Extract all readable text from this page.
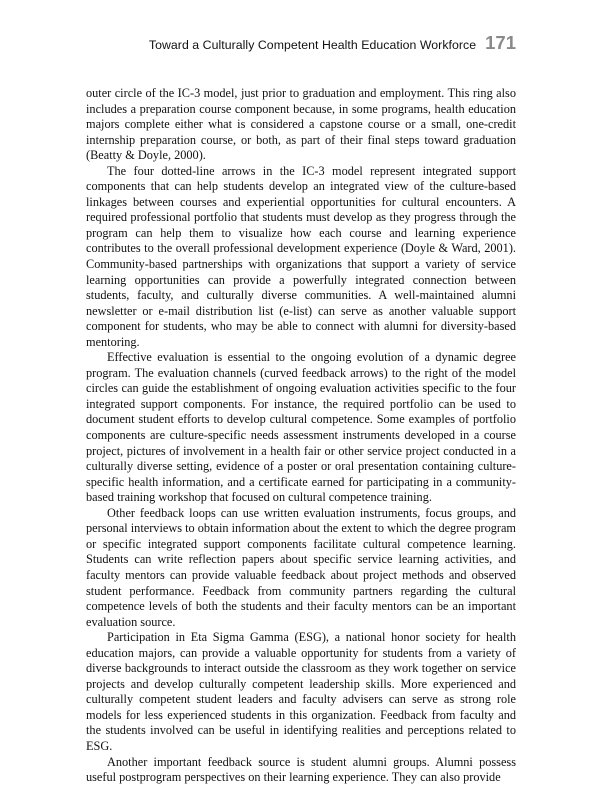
Toward a Culturally Competent Health Education Workforce 171

outer circle of the IC-3 model, just prior to graduation and employment. This ring also includes a preparation course component because, in some programs, health education majors complete either what is considered a capstone course or a small, one-credit internship preparation course, or both, as part of their final steps toward graduation (Beatty & Doyle, 2000).

The four dotted-line arrows in the IC-3 model represent integrated support components that can help students develop an integrated view of the culture-based linkages between courses and experiential opportunities for cultural encounters. A required professional portfolio that students must develop as they progress through the program can help them to visualize how each course and learning experience contributes to the overall professional development experience (Doyle & Ward, 2001). Community-based partnerships with organizations that support a variety of service learning opportunities can provide a powerfully integrated connection between students, faculty, and culturally diverse communities. A well-maintained alumni newsletter or e-mail distribution list (e-list) can serve as another valuable support component for students, who may be able to connect with alumni for diversity-based mentoring.

Effective evaluation is essential to the ongoing evolution of a dynamic degree program. The evaluation channels (curved feedback arrows) to the right of the model circles can guide the establishment of ongoing evaluation activities specific to the four integrated support components. For instance, the required portfolio can be used to document student efforts to develop cultural competence. Some examples of portfolio components are culture-specific needs assessment instruments developed in a course project, pictures of involvement in a health fair or other service project conducted in a culturally diverse setting, evidence of a poster or oral presentation containing culture-specific health information, and a certificate earned for participating in a community-based training workshop that focused on cultural competence training.

Other feedback loops can use written evaluation instruments, focus groups, and personal interviews to obtain information about the extent to which the degree program or specific integrated support components facilitate cultural competence learning. Students can write reflection papers about specific service learning activities, and faculty mentors can provide valuable feedback about project methods and observed student performance. Feedback from community partners regarding the cultural competence levels of both the students and their faculty mentors can be an important evaluation source.

Participation in Eta Sigma Gamma (ESG), a national honor society for health education majors, can provide a valuable opportunity for students from a variety of diverse backgrounds to interact outside the classroom as they work together on service projects and develop culturally competent leadership skills. More experienced and culturally competent student leaders and faculty advisers can serve as strong role models for less experienced students in this organization. Feedback from faculty and the students involved can be useful in identifying realities and perceptions related to ESG.

Another important feedback source is student alumni groups. Alumni possess useful postprogram perspectives on their learning experience. They can also provide
